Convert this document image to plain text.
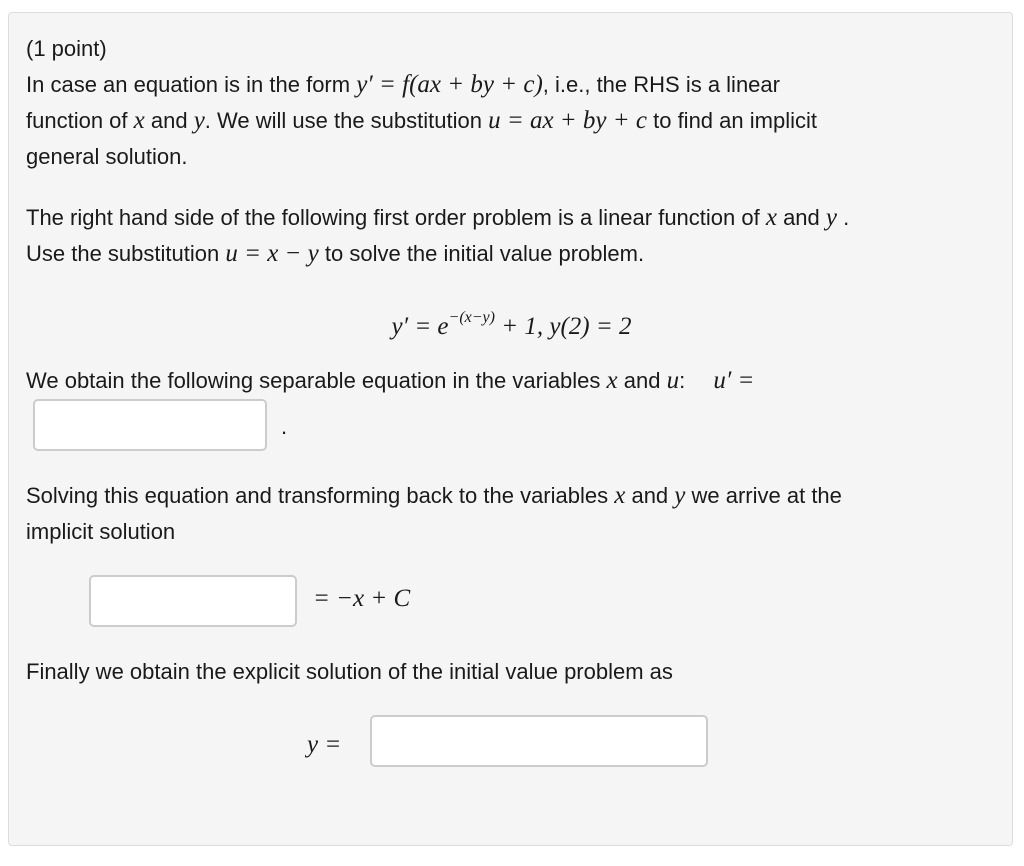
(1 point)
In case an equation is in the form y′ = f(ax + by + c), i.e., the RHS is a linear
function of x and y. We will use the substitution u = ax + by + c to find an implicit
general solution.
The right hand side of the following first order problem is a linear function of x and y .
Use the substitution u = x − y to solve the initial value problem.
$y' = e^{-(x-y)} + 1$, y(2) = 2
We obtain the following separable equation in the variables x and u: u′ =
.
Solving this equation and transforming back to the variables x and y we arrive at the
implicit solution
= −x + C
Finally we obtain the explicit solution of the initial value problem as
y =
